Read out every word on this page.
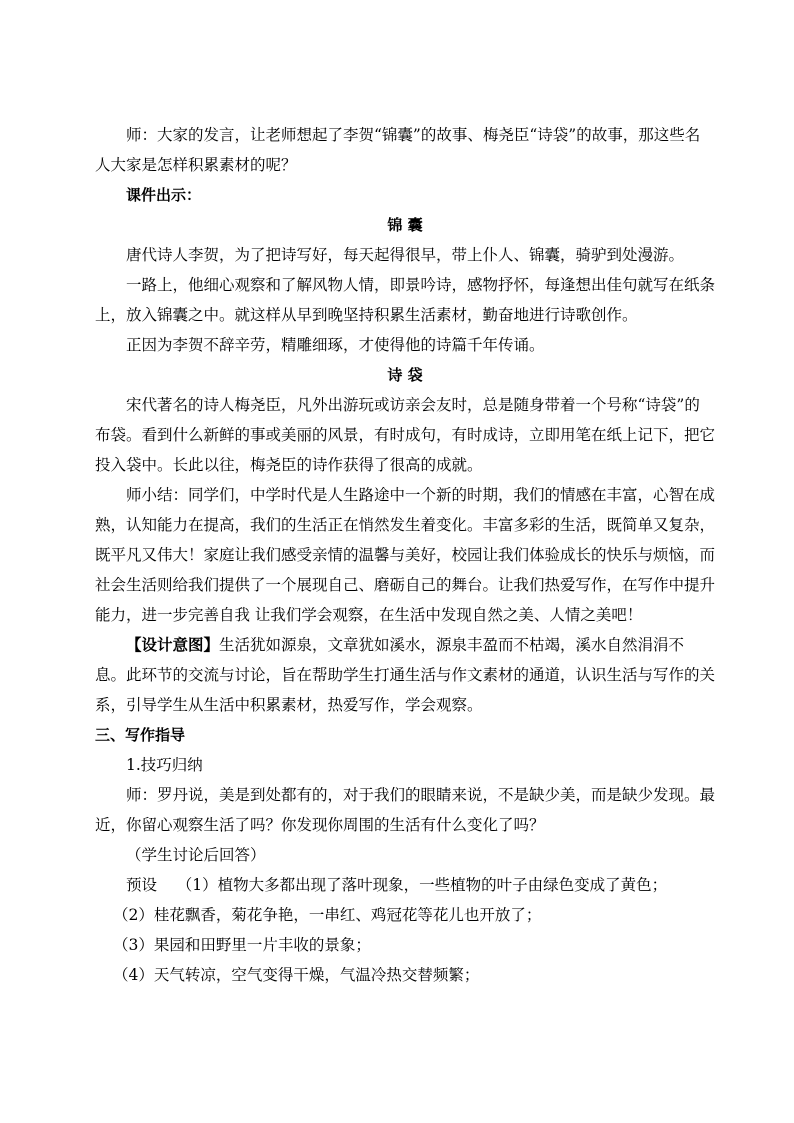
师：大家的发言，让老师想起了李贺“锦囊”的故事、梅尧臣“诗袋”的故事，那这些名人大家是怎样积累素材的呢？

课件出示：

锦 囊

唐代诗人李贺，为了把诗写好，每天起得很早，带上仆人、锦囊，骑驴到处漫游。

一路上，他细心观察和了解风物人情，即景吟诗，感物抒怀，每逢想出佳句就写在纸条上，放入锦囊之中。就这样从早到晚坚持积累生活素材，勤奋地进行诗歌创作。

正因为李贺不辞辛劳，精雕细琢，才使得他的诗篇千年传诵。

诗 袋

宋代著名的诗人梅尧臣，凡外出游玩或访亲会友时，总是随身带着一个号称“诗袋”的布袋。看到什么新鲜的事或美丽的风景，有时成句，有时成诗，立即用笔在纸上记下，把它投入袋中。长此以往，梅尧臣的诗作获得了很高的成就。

师小结：同学们，中学时代是人生路途中一个新的时期，我们的情感在丰富，心智在成熟，认知能力在提高，我们的生活正在悄然发生着变化。丰富多彩的生活，既简单又复杂，既平凡又伟大！家庭让我们感受亲情的温馨与美好，校园让我们体验成长的快乐与烦恼，而社会生活则给我们提供了一个展现自己、磨砺自己的舞台。让我们热爱写作，在写作中提升能力，进一步完善自我 让我们学会观察，在生活中发现自然之美、人情之美吧！

【设计意图】生活犹如源泉，文章犹如溪水，源泉丰盈而不枯竭，溪水自然涓涓不息。此环节的交流与讨论，旨在帮助学生打通生活与作文素材的通道，认识生活与写作的关系，引导学生从生活中积累素材，热爱写作，学会观察。

三、写作指导

1.技巧归纳

师：罗丹说，美是到处都有的，对于我们的眼睛来说，不是缺少美，而是缺少发现。最近，你留心观察生活了吗？你发现你周围的生活有什么变化了吗？

（学生讨论后回答）

预设 （1）植物大多都出现了落叶现象，一些植物的叶子由绿色变成了黄色；

（2）桂花飘香，菊花争艳，一串红、鸡冠花等花儿也开放了；

（3）果园和田野里一片丰收的景象；

（4）天气转凉，空气变得干燥，气温冷热交替频繁；
